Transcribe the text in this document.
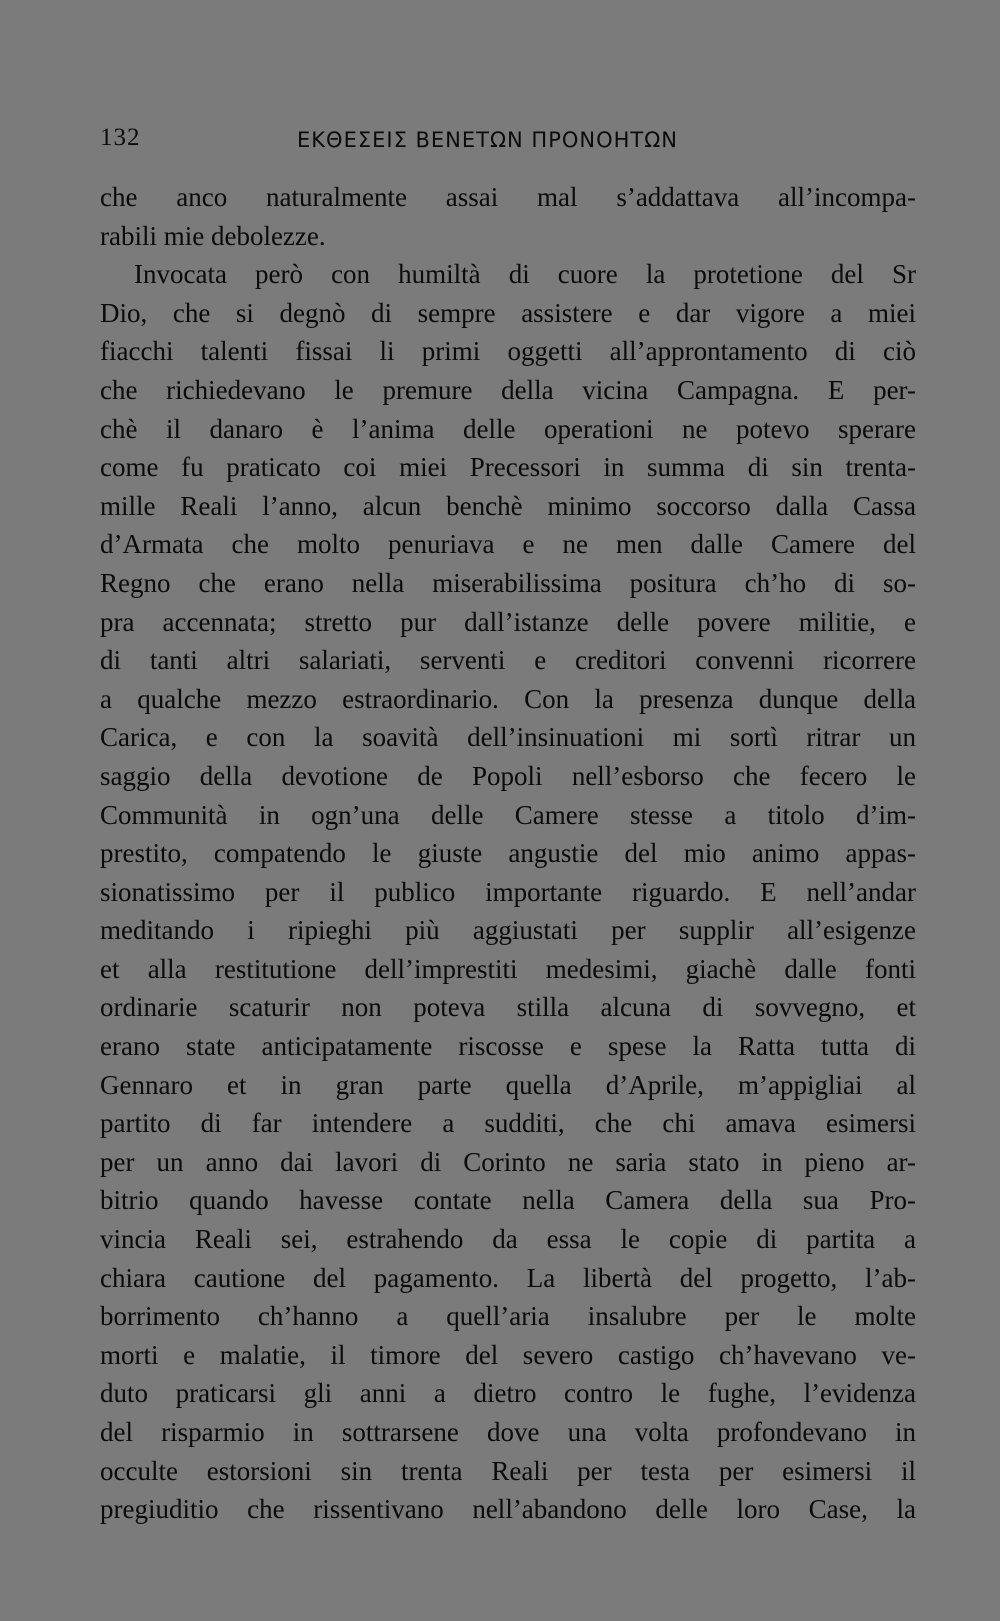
132	ΕΚΘΕΣΕΙΣ ΒΕΝΕΤΩΝ ΠΡΟΝΟΗΤΩΝ
che anco naturalmente assai mal s’addattava all’incompa-
rabili mie debolezze.
Invocata però con humiltà di cuore la protetione del Sr
Dio, che si degnò di sempre assistere e dar vigore a miei
fiacchi talenti fissai li primi oggetti all’approntamento di ciò
che richiedevano le premure della vicina Campagna. E per-
chè il danaro è l’anima delle operationi ne potevo sperare
come fu praticato coi miei Precessori in summa di sin trenta-
mille Reali l’anno, alcun benchè minimo soccorso dalla Cassa
d’Armata che molto penuriava e ne men dalle Camere del
Regno che erano nella miserabilissima positura ch’ho di so-
pra accennata; stretto pur dall’istanze delle povere militie, e
di tanti altri salariati, serventi e creditori convenni ricorrere
a qualche mezzo estraordinario. Con la presenza dunque della
Carica, e con la soavità dell’insinuationi mi sortì ritrar un
saggio della devotione de Popoli nell’esborso che fecero le
Communità in ogn’una delle Camere stesse a titolo d’im-
prestito, compatendo le giuste angustie del mio animo appas-
sionatissimo per il publico importante riguardo. E nell’andar
meditando i ripieghi più aggiustati per supplir all’esigenze
et alla restitutione dell’imprestiti medesimi, giachè dalle fonti
ordinarie scaturir non poteva stilla alcuna di sovvegno, et
erano state anticipatamente riscosse e spese la Ratta tutta di
Gennaro et in gran parte quella d’Aprile, m’appigliai al
partito di far intendere a sudditi, che chi amava esimersi
per un anno dai lavori di Corinto ne saria stato in pieno ar-
bitrio quando havesse contate nella Camera della sua Pro-
vincia Reali sei, estrahendo da essa le copie di partita a
chiara cautione del pagamento. La libertà del progetto, l’ab-
borrimento ch’hanno a quell’aria insalubre per le molte
morti e malatie, il timore del severo castigo ch’havevano ve-
duto praticarsi gli anni a dietro contro le fughe, l’evidenza
del risparmio in sottrarsene dove una volta profondevano in
occulte estorsioni sin trenta Reali per testa per esimersi il
pregiuditio che rissentivano nell’abandono delle loro Case, la
